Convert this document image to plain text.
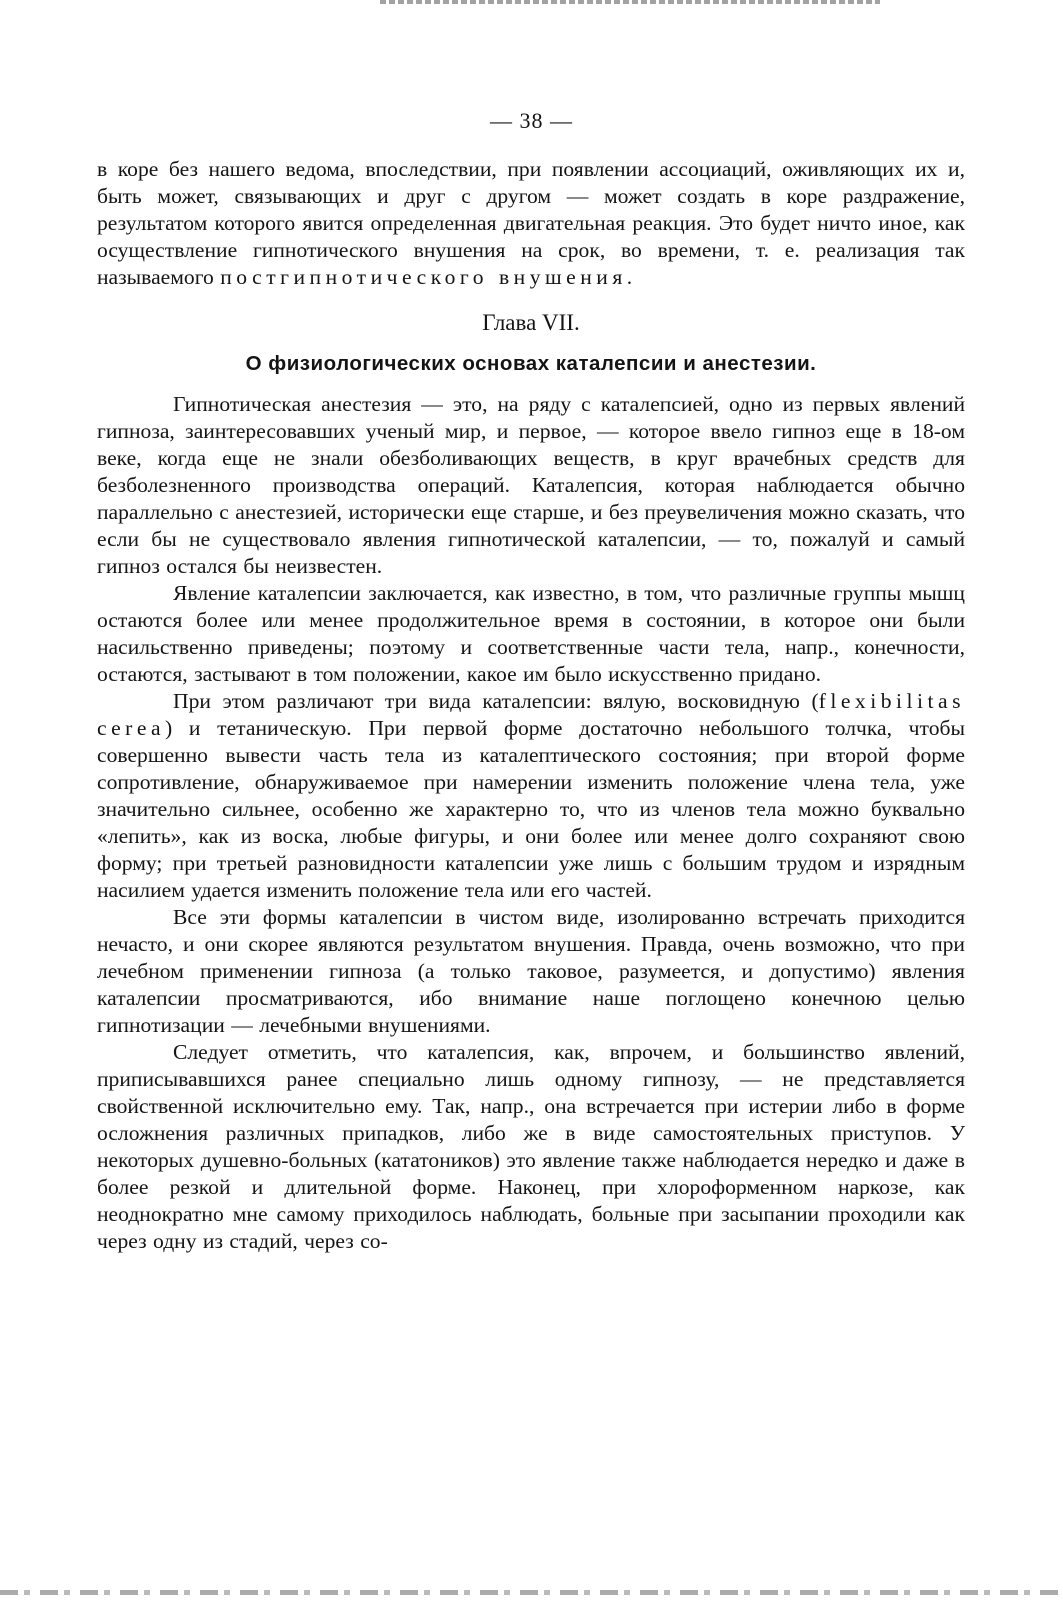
— 38 —

в коре без нашего ведома, впоследствии, при появлении ассоциаций, оживляющих их и, быть может, связывающих и друг с другом — может создать в коре раздражение, результатом которого явится определенная двигательная реакция. Это будет ничто иное, как осуществление гипнотического внушения на срок, во времени, т. е. реализация так называемого постгипнотического внушения.

Глава VII.
О физиологических основах каталепсии и анестезии.

Гипнотическая анестезия — это, на ряду с каталепсией, одно из первых явлений гипноза, заинтересовавших ученый мир, и первое, — которое ввело гипноз еще в 18-ом веке, когда еще не знали обезболивающих веществ, в круг врачебных средств для безболезненного производства операций. Каталепсия, которая наблюдается обычно параллельно с анестезией, исторически еще старше, и без преувеличения можно сказать, что если бы не существовало явления гипнотической каталепсии, — то, пожалуй и самый гипноз остался бы неизвестен.

Явление каталепсии заключается, как известно, в том, что различные группы мышц остаются более или менее продолжительное время в состоянии, в которое они были насильственно приведены; поэтому и соответственные части тела, напр., конечности, остаются, застывают в том положении, какое им было искусственно придано.

При этом различают три вида каталепсии: вялую, восковидную (flexibilitas cerea) и тетаническую. При первой форме достаточно небольшого толчка, чтобы совершенно вывести часть тела из каталептического состояния; при второй форме сопротивление, обнаруживаемое при намерении изменить положение члена тела, уже значительно сильнее, особенно же характерно то, что из членов тела можно буквально «лепить», как из воска, любые фигуры, и они более или менее долго сохраняют свою форму; при третьей разновидности каталепсии уже лишь с большим трудом и изрядным насилием удается изменить положение тела или его частей.

Все эти формы каталепсии в чистом виде, изолированно встречать приходится нечасто, и они скорее являются результатом внушения. Правда, очень возможно, что при лечебном применении гипноза (а только таковое, разумеется, и допустимо) явления каталепсии просматриваются, ибо внимание наше поглощено конечною целью гипнотизации — лечебными внушениями.

Следует отметить, что каталепсия, как, впрочем, и большинство явлений, приписывавшихся ранее специально лишь одному гипнозу, — не представляется свойственной исключительно ему. Так, напр., она встречается при истерии либо в форме осложнения различных припадков, либо же в виде самостоятельных приступов. У некоторых душевно-больных (кататоников) это явление также наблюдается нередко и даже в более резкой и длительной форме. Наконец, при хлороформенном наркозе, как неоднократно мне самому приходилось наблюдать, больные при засыпании проходили как через одну из стадий, через со-
